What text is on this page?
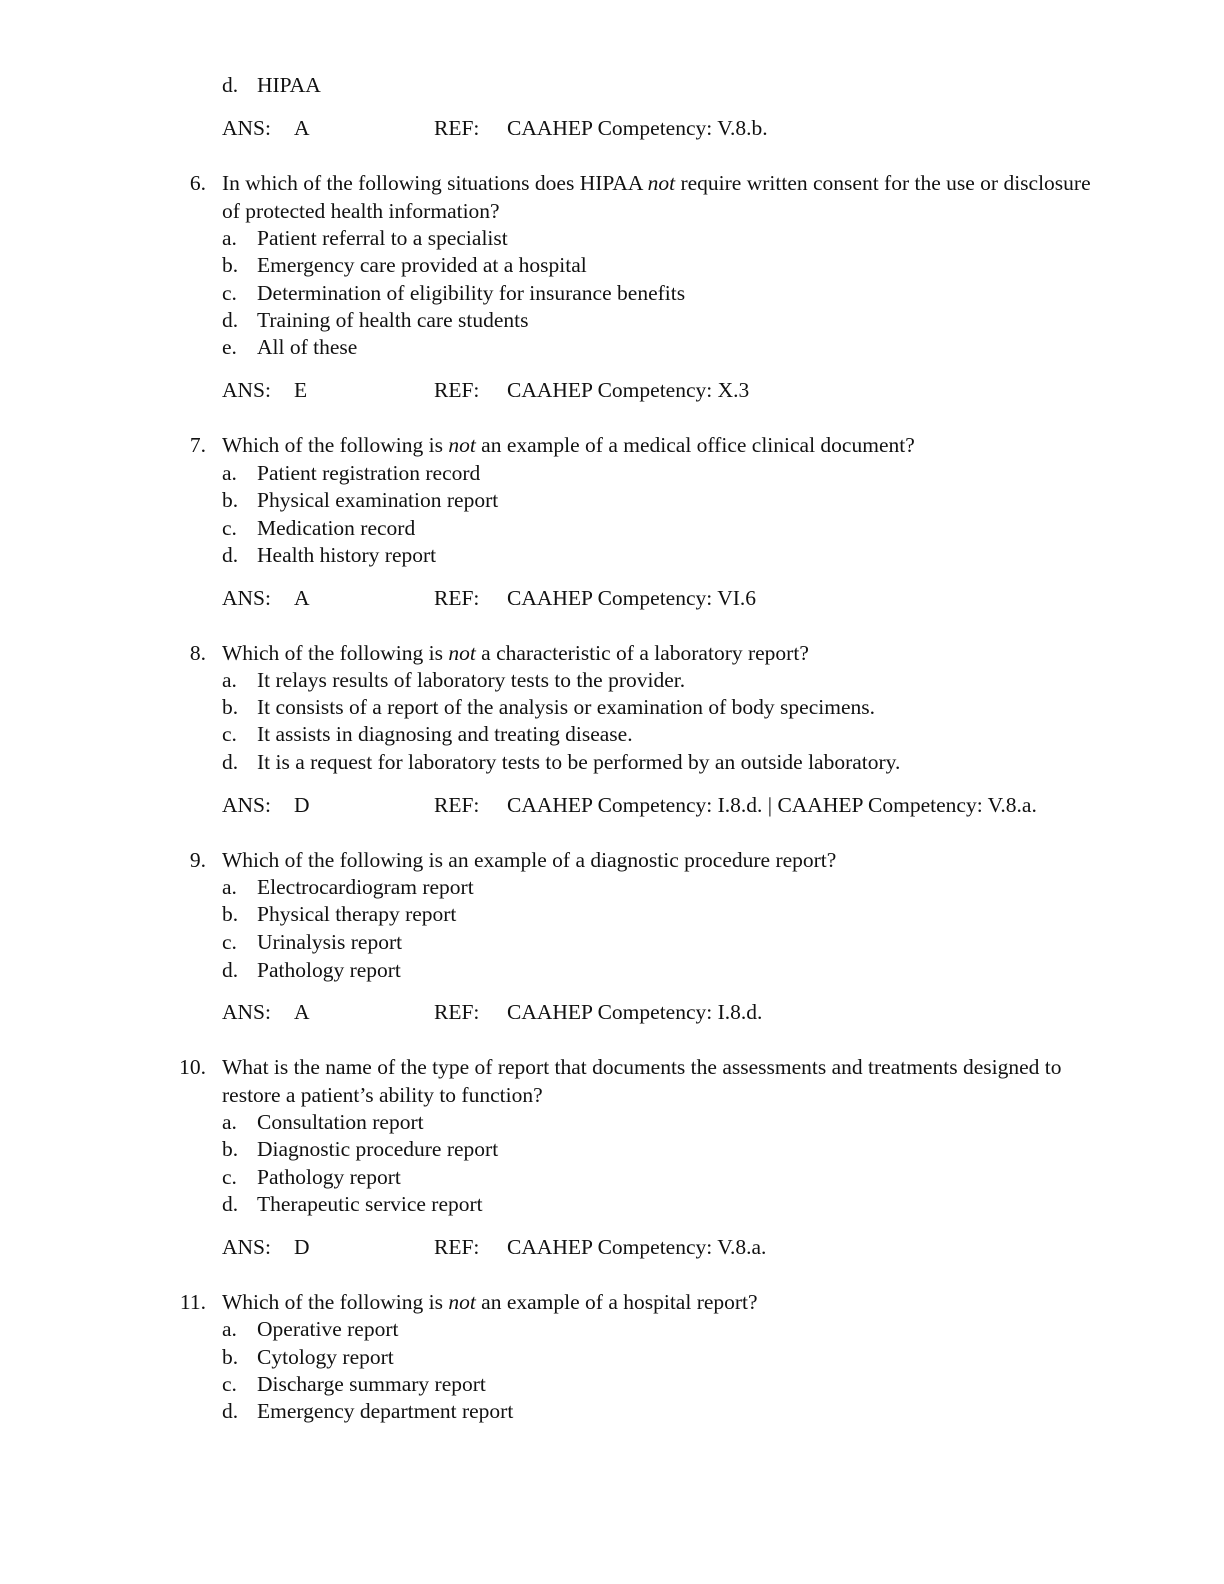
d. HIPAA
ANS: A	REF: CAAHEP Competency: V.8.b.
6. In which of the following situations does HIPAA not require written consent for the use or disclosure of protected health information?
a. Patient referral to a specialist
b. Emergency care provided at a hospital
c. Determination of eligibility for insurance benefits
d. Training of health care students
e. All of these
ANS: E	REF: CAAHEP Competency: X.3
7. Which of the following is not an example of a medical office clinical document?
a. Patient registration record
b. Physical examination report
c. Medication record
d. Health history report
ANS: A	REF: CAAHEP Competency: VI.6
8. Which of the following is not a characteristic of a laboratory report?
a. It relays results of laboratory tests to the provider.
b. It consists of a report of the analysis or examination of body specimens.
c. It assists in diagnosing and treating disease.
d. It is a request for laboratory tests to be performed by an outside laboratory.
ANS: D	REF: CAAHEP Competency: I.8.d. | CAAHEP Competency: V.8.a.
9. Which of the following is an example of a diagnostic procedure report?
a. Electrocardiogram report
b. Physical therapy report
c. Urinalysis report
d. Pathology report
ANS: A	REF: CAAHEP Competency: I.8.d.
10. What is the name of the type of report that documents the assessments and treatments designed to restore a patient’s ability to function?
a. Consultation report
b. Diagnostic procedure report
c. Pathology report
d. Therapeutic service report
ANS: D	REF: CAAHEP Competency: V.8.a.
11. Which of the following is not an example of a hospital report?
a. Operative report
b. Cytology report
c. Discharge summary report
d. Emergency department report
